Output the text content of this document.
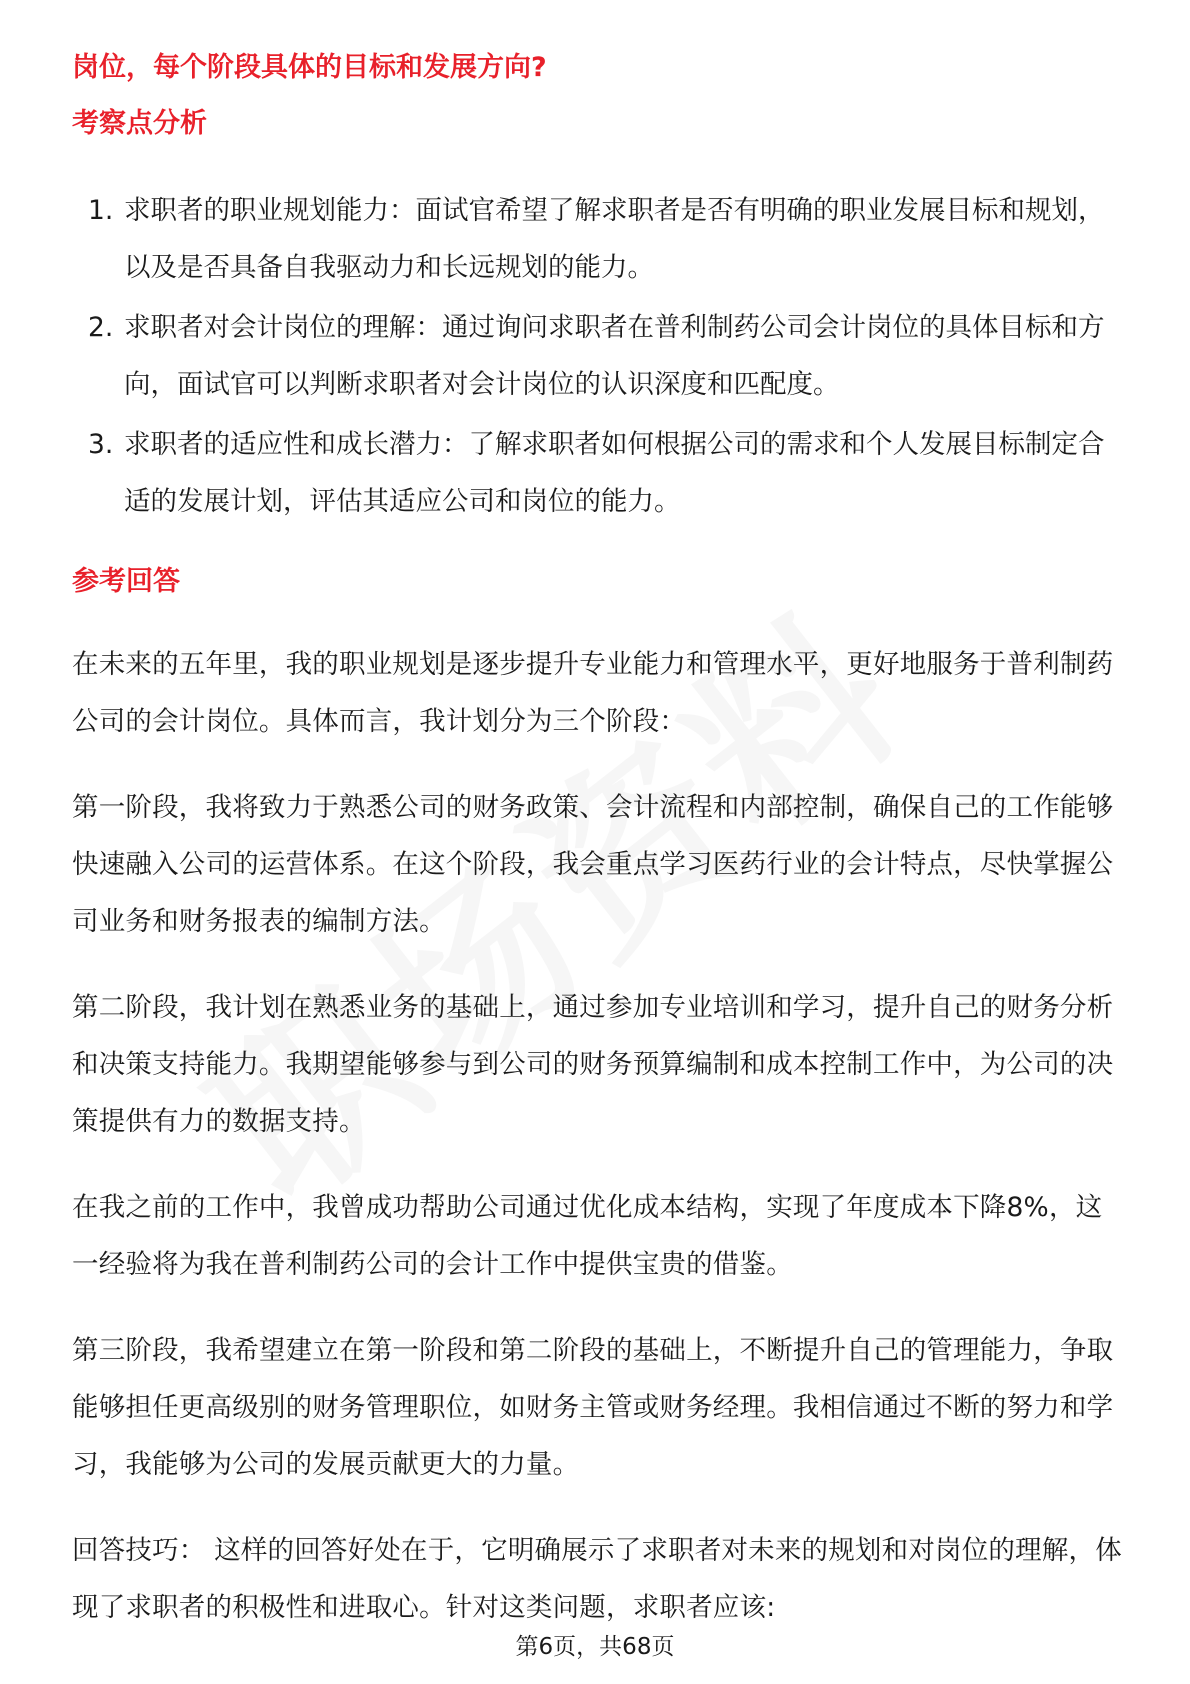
岗位，每个阶段具体的目标和发展方向?
考察点分析
1. 求职者的职业规划能力：面试官希望了解求职者是否有明确的职业发展目标和规划，以及是否具备自我驱动力和长远规划的能力。
2. 求职者对会计岗位的理解：通过询问求职者在普利制药公司会计岗位的具体目标和方向，面试官可以判断求职者对会计岗位的认识深度和匹配度。
3. 求职者的适应性和成长潜力：了解求职者如何根据公司的需求和个人发展目标制定合适的发展计划，评估其适应公司和岗位的能力。
参考回答

在未来的五年里，我的职业规划是逐步提升专业能力和管理水平，更好地服务于普利制药公司的会计岗位。具体而言，我计划分为三个阶段：

第一阶段，我将致力于熟悉公司的财务政策、会计流程和内部控制，确保自己的工作能够快速融入公司的运营体系。在这个阶段，我会重点学习医药行业的会计特点，尽快掌握公司业务和财务报表的编制方法。

第二阶段，我计划在熟悉业务的基础上，通过参加专业培训和学习，提升自己的财务分析和决策支持能力。我期望能够参与到公司的财务预算编制和成本控制工作中，为公司的决策提供有力的数据支持。

在我之前的工作中，我曾成功帮助公司通过优化成本结构，实现了年度成本下降8%，这一经验将为我在普利制药公司的会计工作中提供宝贵的借鉴。

第三阶段，我希望建立在第一阶段和第二阶段的基础上，不断提升自己的管理能力，争取能够担任更高级别的财务管理职位，如财务主管或财务经理。我相信通过不断的努力和学习，我能够为公司的发展贡献更大的力量。

回答技巧： 这样的回答好处在于，它明确展示了求职者对未来的规划和对岗位的理解，体现了求职者的积极性和进取心。针对这类问题，求职者应该:

第6页，共68页
